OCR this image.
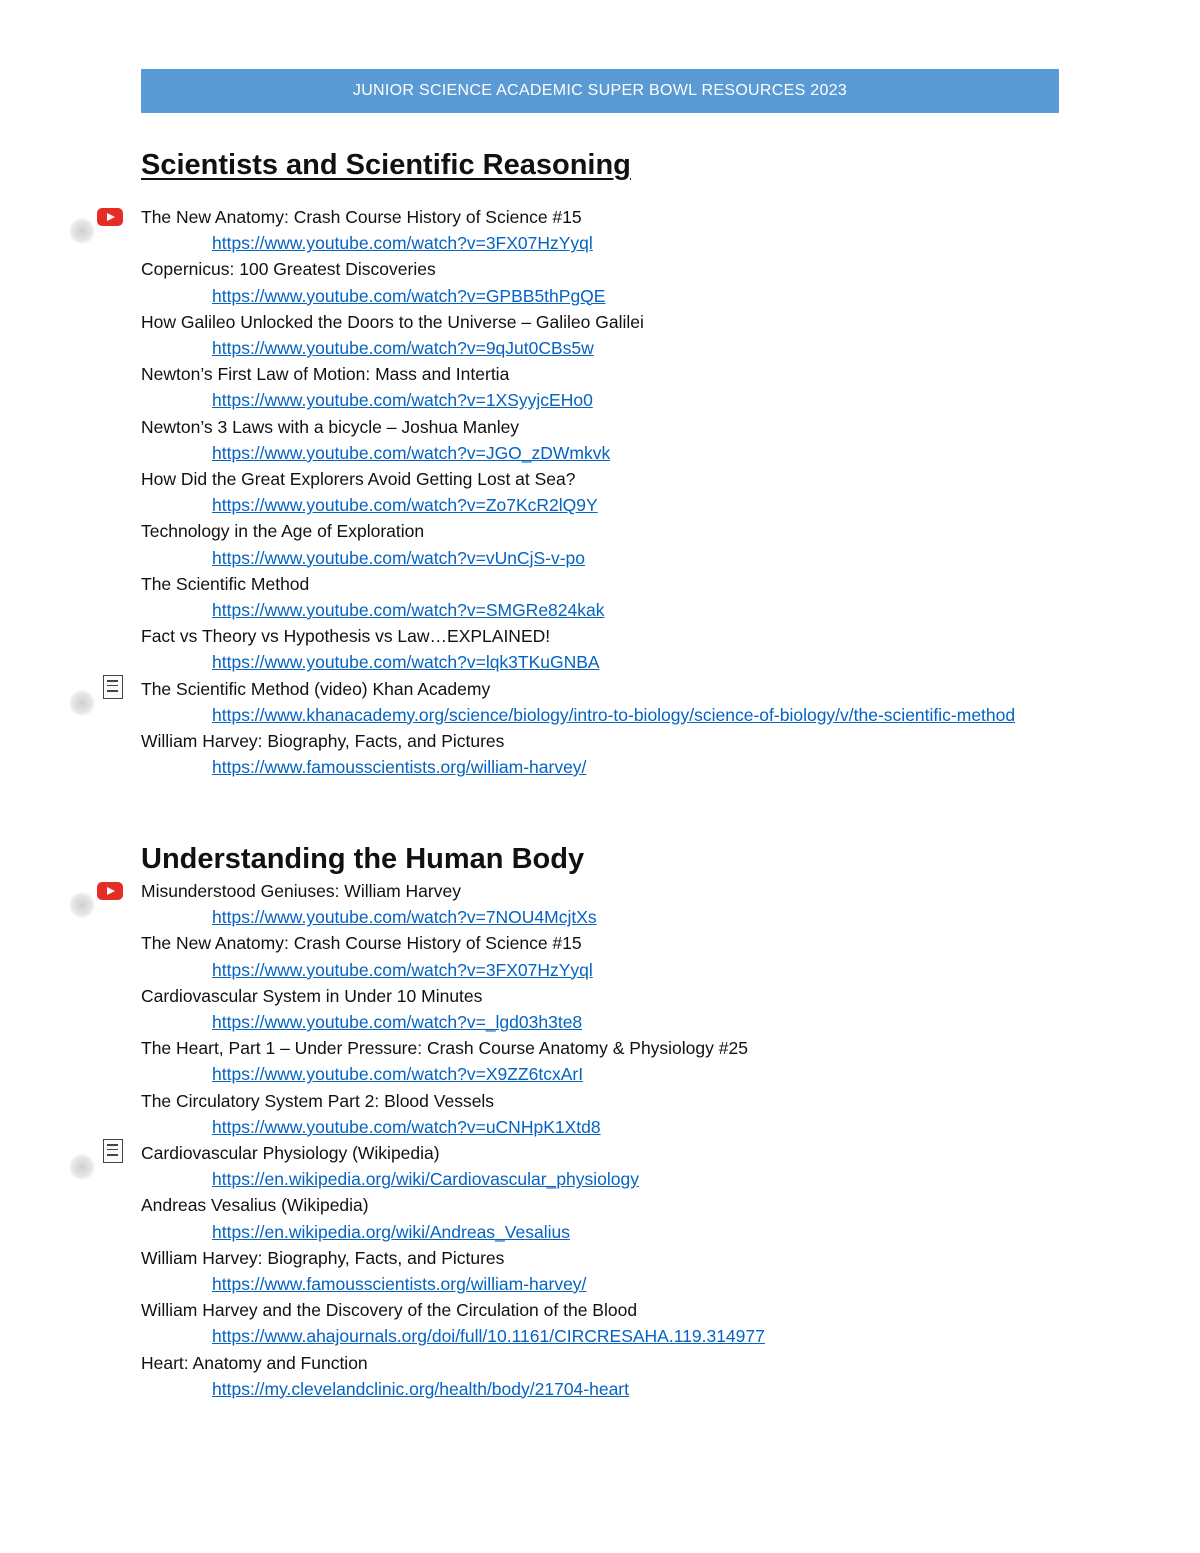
JUNIOR SCIENCE ACADEMIC SUPER BOWL RESOURCES 2023
Scientists and Scientific Reasoning
The New Anatomy: Crash Course History of Science #15
https://www.youtube.com/watch?v=3FX07HzYyql
Copernicus: 100 Greatest Discoveries
https://www.youtube.com/watch?v=GPBB5thPgQE
How Galileo Unlocked the Doors to the Universe – Galileo Galilei
https://www.youtube.com/watch?v=9qJut0CBs5w
Newton’s First Law of Motion: Mass and Intertia
https://www.youtube.com/watch?v=1XSyyjcEHo0
Newton’s 3 Laws with a bicycle – Joshua Manley
https://www.youtube.com/watch?v=JGO_zDWmkvk
How Did the Great Explorers Avoid Getting Lost at Sea?
https://www.youtube.com/watch?v=Zo7KcR2lQ9Y
Technology in the Age of Exploration
https://www.youtube.com/watch?v=vUnCjS-v-po
The Scientific Method
https://www.youtube.com/watch?v=SMGRe824kak
Fact vs Theory vs Hypothesis vs Law…EXPLAINED!
https://www.youtube.com/watch?v=lqk3TKuGNBA
The Scientific Method (video) Khan Academy
https://www.khanacademy.org/science/biology/intro-to-biology/science-of-biology/v/the-scientific-method
William Harvey: Biography, Facts, and Pictures
https://www.famousscientists.org/william-harvey/
Understanding the Human Body
Misunderstood Geniuses: William Harvey
https://www.youtube.com/watch?v=7NOU4McjtXs
The New Anatomy: Crash Course History of Science #15
https://www.youtube.com/watch?v=3FX07HzYyql
Cardiovascular System in Under 10 Minutes
https://www.youtube.com/watch?v=_lgd03h3te8
The Heart, Part 1 – Under Pressure: Crash Course Anatomy & Physiology #25
https://www.youtube.com/watch?v=X9ZZ6tcxArI
The Circulatory System Part 2: Blood Vessels
https://www.youtube.com/watch?v=uCNHpK1Xtd8
Cardiovascular Physiology (Wikipedia)
https://en.wikipedia.org/wiki/Cardiovascular_physiology
Andreas Vesalius (Wikipedia)
https://en.wikipedia.org/wiki/Andreas_Vesalius
William Harvey: Biography, Facts, and Pictures
https://www.famousscientists.org/william-harvey/
William Harvey and the Discovery of the Circulation of the Blood
https://www.ahajournals.org/doi/full/10.1161/CIRCRESAHA.119.314977
Heart: Anatomy and Function
https://my.clevelandclinic.org/health/body/21704-heart
